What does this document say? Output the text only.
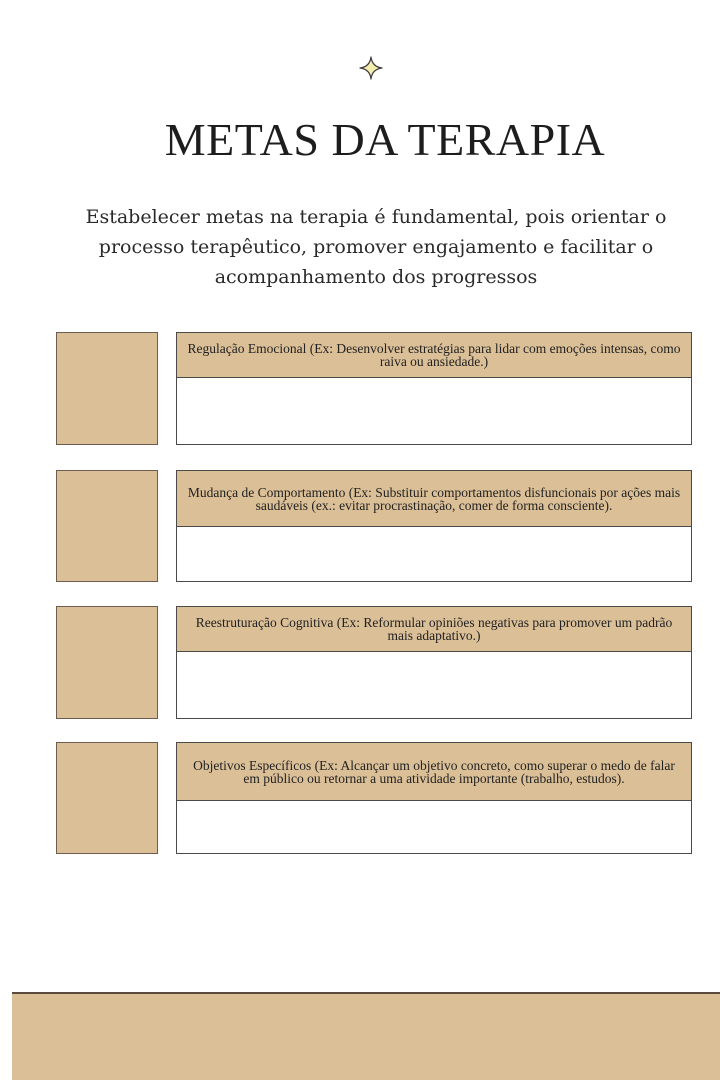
METAS DA TERAPIA

Estabelecer metas na terapia é fundamental, pois orientar o processo terapêutico, promover engajamento e facilitar o acompanhamento dos progressos

Regulação Emocional (Ex: Desenvolver estratégias para lidar com emoções intensas, como raiva ou ansiedade.)
Mudança de Comportamento (Ex: Substituir comportamentos disfuncionais por ações mais saudáveis (ex.: evitar procrastinação, comer de forma consciente).
Reestruturação Cognitiva (Ex: Reformular opiniões negativas para promover um padrão mais adaptativo.)
Objetivos Específicos (Ex: Alcançar um objetivo concreto, como superar o medo de falar em público ou retornar a uma atividade importante (trabalho, estudos).
